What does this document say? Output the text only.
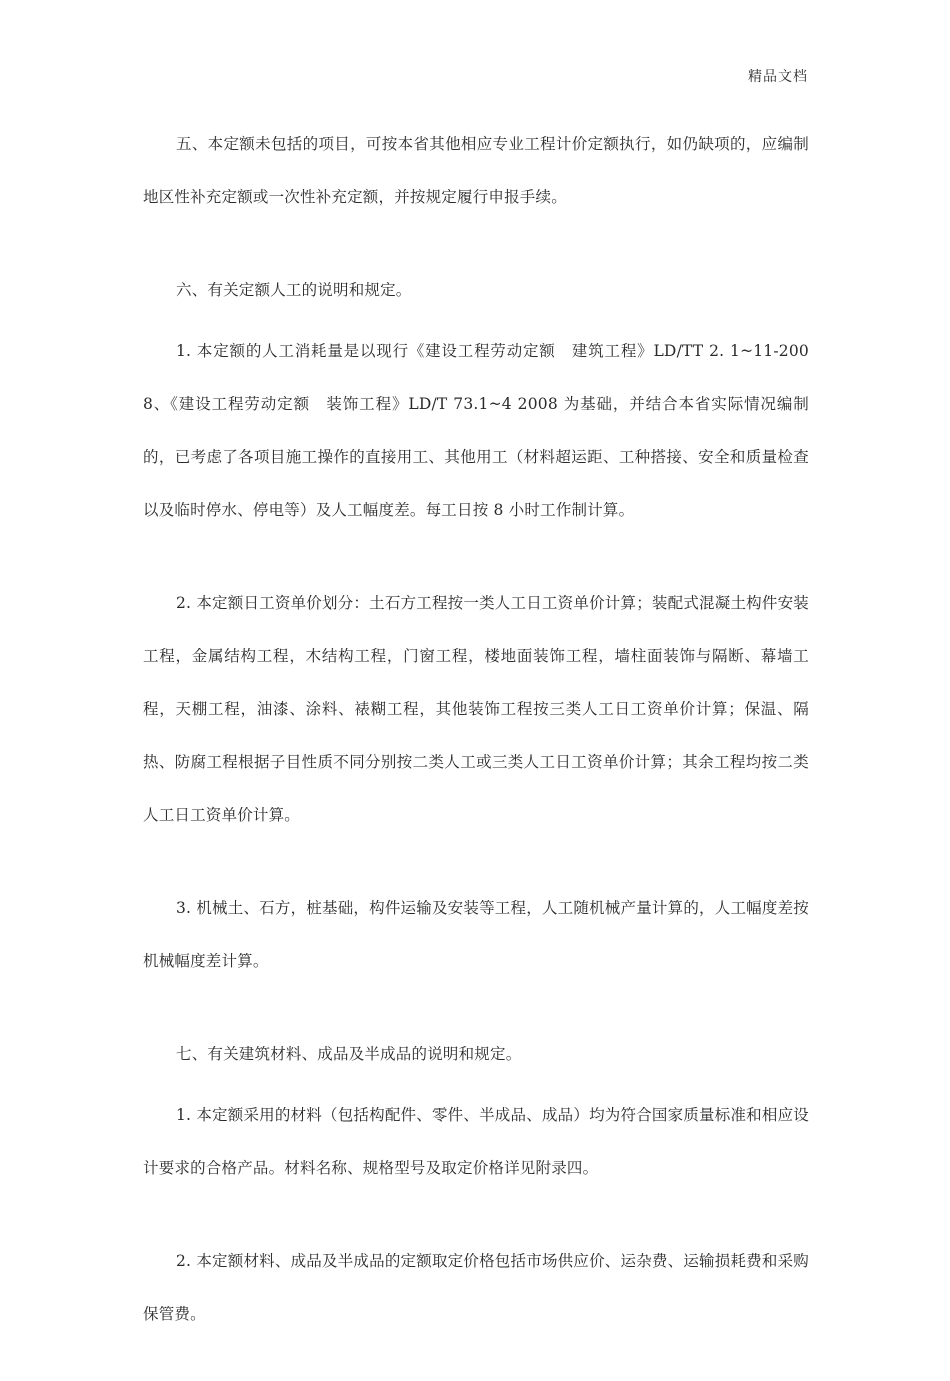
精品文档

五、本定额未包括的项目，可按本省其他相应专业工程计价定额执行，如仍缺项的，应编制地区性补充定额或一次性补充定额，并按规定履行申报手续。

六、有关定额人工的说明和规定。

1. 本定额的人工消耗量是以现行《建设工程劳动定额　建筑工程》LD/TT 2. 1~11-2008、《建设工程劳动定额　装饰工程》LD/T 73.1~4 2008 为基础，并结合本省实际情况编制的，已考虑了各项目施工操作的直接用工、其他用工（材料超运距、工种搭接、安全和质量检查以及临时停水、停电等）及人工幅度差。每工日按 8 小时工作制计算。

2. 本定额日工资单价划分：土石方工程按一类人工日工资单价计算；装配式混凝土构件安装工程，金属结构工程，木结构工程，门窗工程，楼地面装饰工程，墙柱面装饰与隔断、幕墙工程，天棚工程，油漆、涂料、裱糊工程，其他装饰工程按三类人工日工资单价计算；保温、隔热、防腐工程根据子目性质不同分别按二类人工或三类人工日工资单价计算；其余工程均按二类人工日工资单价计算。

3. 机械土、石方，桩基础，构件运输及安装等工程，人工随机械产量计算的，人工幅度差按机械幅度差计算。

七、有关建筑材料、成品及半成品的说明和规定。

1. 本定额采用的材料（包括构配件、零件、半成品、成品）均为符合国家质量标准和相应设计要求的合格产品。材料名称、规格型号及取定价格详见附录四。

2. 本定额材料、成品及半成品的定额取定价格包括市场供应价、运杂费、运输损耗费和采购保管费。
